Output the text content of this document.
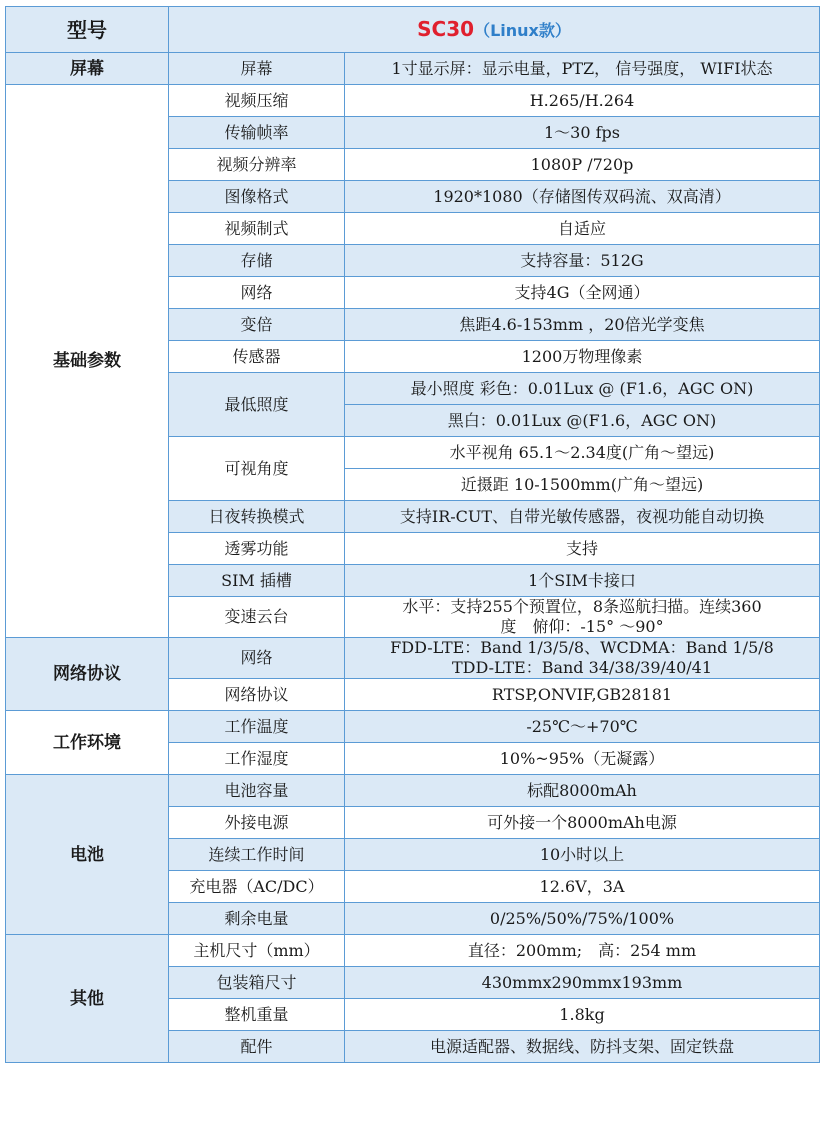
型号	SC30（Linux款）	
屏幕	屏幕	1寸显示屏：显示电量，PTZ， 信号强度， WIFI状态
基础参数	视频压缩	H.265/H.264
	传输帧率	1～30 fps
	视频分辨率	1080P /720p
	图像格式	1920*1080（存储图传双码流、双高清）
	视频制式	自适应
	存储	支持容量：512G
	网络	支持4G（全网通）
	变倍	焦距4.6-153mm ，20倍光学变焦
	传感器	1200万物理像素
	最低照度	最小照度 彩色：0.01Lux @ (F1.6，AGC ON)
		黑白：0.01Lux @(F1.6，AGC ON)
	可视角度	水平视角 65.1～2.34度(广角～望远)
		近摄距 10-1500mm(广角～望远)
	日夜转换模式	支持IR-CUT、自带光敏传感器，夜视功能自动切换
	透雾功能	支持
	SIM 插槽	1个SIM卡接口
	变速云台	水平：支持255个预置位，8条巡航扫描。连续360
度　俯仰：-15° ～90°

网络协议	网络	FDD-LTE：Band 1/3/5/8、WCDMA：Band 1/5/8
TDD-LTE：Band 34/38/39/40/41

	网络协议	RTSP,ONVIF,GB28181
工作环境	工作温度	-25℃～+70℃
	工作湿度	10%~95%（无凝露）
电池	电池容量	标配8000mAh
	外接电源	可外接一个8000mAh电源
	连续工作时间	10小时以上
	充电器（AC/DC）	12.6V，3A
	剩余电量	0/25%/50%/75%/100%
其他	主机尺寸（mm）	直径：200mm;　高：254 mm
	包装箱尺寸	430mmx290mmx193mm
	整机重量	1.8kg
	配件	电源适配器、数据线、防抖支架、固定铁盘
